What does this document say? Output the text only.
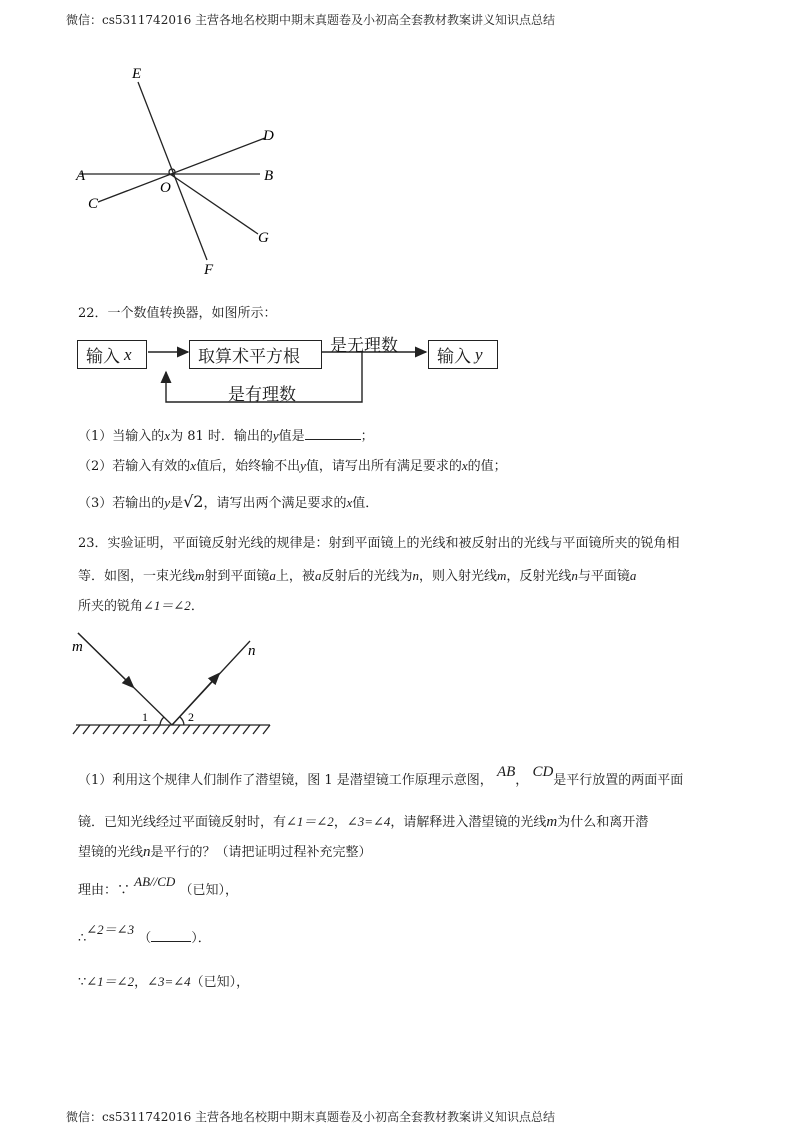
微信：cs5311742016 主营各地名校期中期末真题卷及小初高全套教材教案讲义知识点总结
E
D
A	B
C
O
G
F
22．一个数值转换器，如图所示：
输入 x	取算术平方根
是无理数
输入 y
是有理数
（1）当输入的x为 81 时．输出的y值是	；
（2）若输入有效的x值后，始终输不出y值，请写出所有满足要求的x的值；
（3）若输出的y是√2，请写出两个满足要求的x值．
23．实验证明，平面镜反射光线的规律是：射到平面镜上的光线和被反射出的光线与平面镜所夹的锐角相
等．如图，一束光线m射到平面镜a上，被a反射后的光线为n，则入射光线m，反射光线n与平面镜a
所夹的锐角∠1＝∠2．
m	n
1	2
（1）利用这个规律人们制作了潜望镜，图 1 是潜望镜工作原理示意图， AB， CD是平行放置的两面平面
镜．已知光线经过平面镜反射时，有∠1＝∠2，∠3=∠4，请解释进入潜望镜的光线m为什么和离开潜
望镜的光线n是平行的？（请把证明过程补充完整）
理由：∵ AB//CD （已知），
∴∠2＝∠3 （	）．
∵∠1＝∠2，∠3=∠4（已知），
微信：cs5311742016 主营各地名校期中期末真题卷及小初高全套教材教案讲义知识点总结
